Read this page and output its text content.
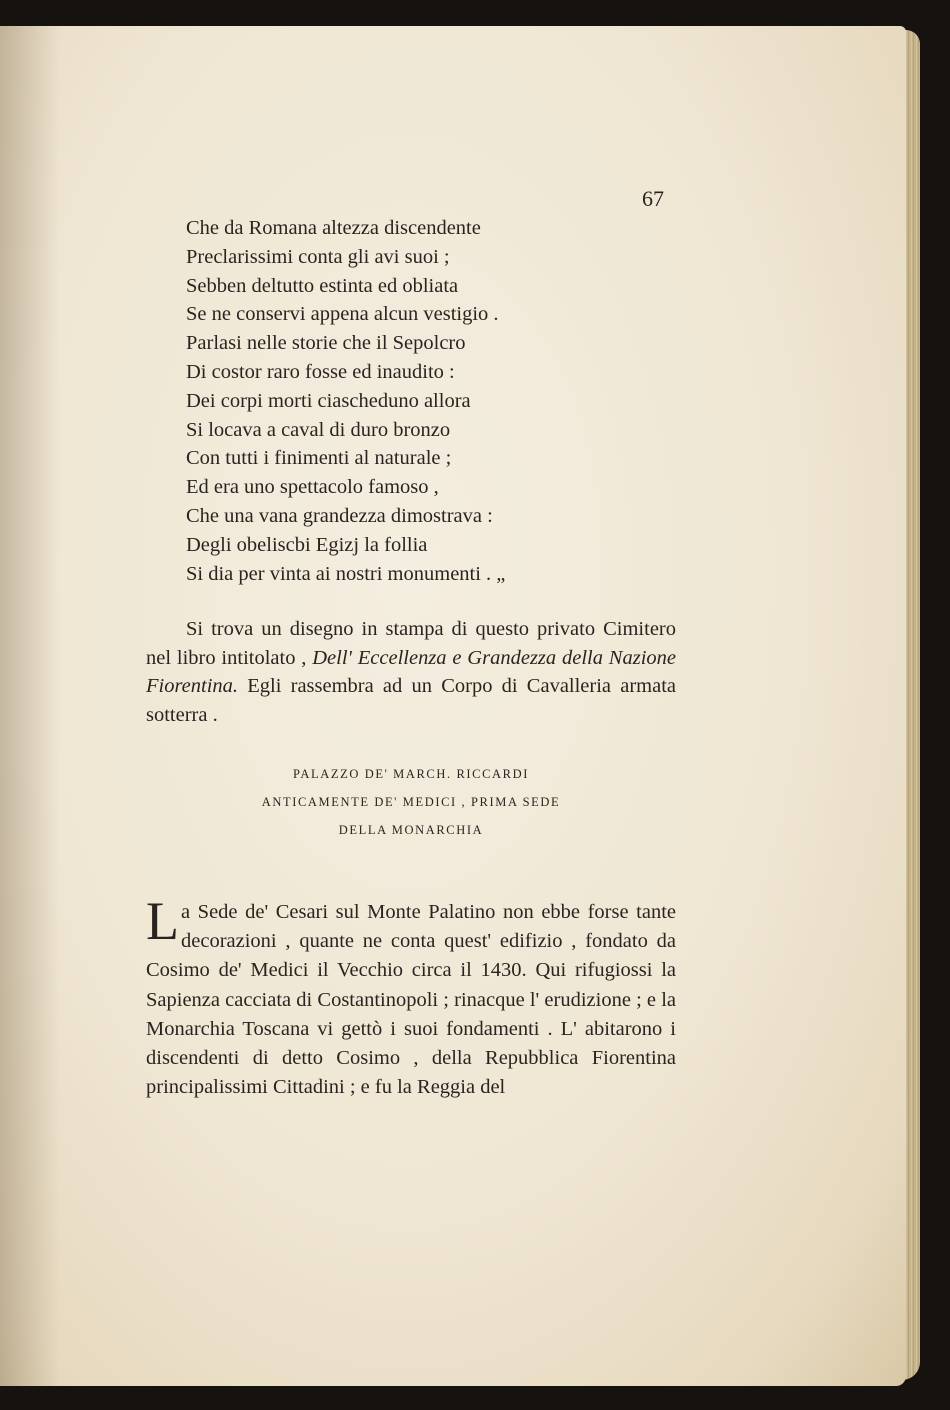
67
Che da Romana altezza discendente
Preclarissimi conta gli avi suoi ;
Sebben deltutto estinta ed obliata
Se ne conservi appena alcun vestigio .
Parlasi nelle storie che il Sepolcro
Di costor raro fosse ed inaudito :
Dei corpi morti ciascheduno allora
Si locava a caval di duro bronzo
Con tutti i finimenti al naturale ;
Ed era uno spettacolo famoso ,
Che una vana grandezza dimostrava :
Degli obeliscbi Egizj la follia
Si dia per vinta ai nostri monumenti . „

Si trova un disegno in stampa di questo privato Cimitero nel libro intitolato , Dell' Eccellenza e Grandezza della Nazione Fiorentina. Egli rassembra ad un Corpo di Cavalleria armata sotterra .

PALAZZO DE' MARCH. RICCARDI
ANTICAMENTE DE' MEDICI , PRIMA SEDE
DELLA MONARCHIA

La Sede de' Cesari sul Monte Palatino non ebbe forse tante decorazioni , quante ne conta quest' edifizio , fondato da Cosimo de' Medici il Vecchio circa il 1430. Qui rifugiossi la Sapienza cacciata di Costantinopoli ; rinacque l' erudizione ; e la Monarchia Toscana vi gettò i suoi fondamenti . L' abitarono i discendenti di detto Cosimo , della Repubblica Fiorentina principalissimi Cittadini ; e fu la Reggia del
